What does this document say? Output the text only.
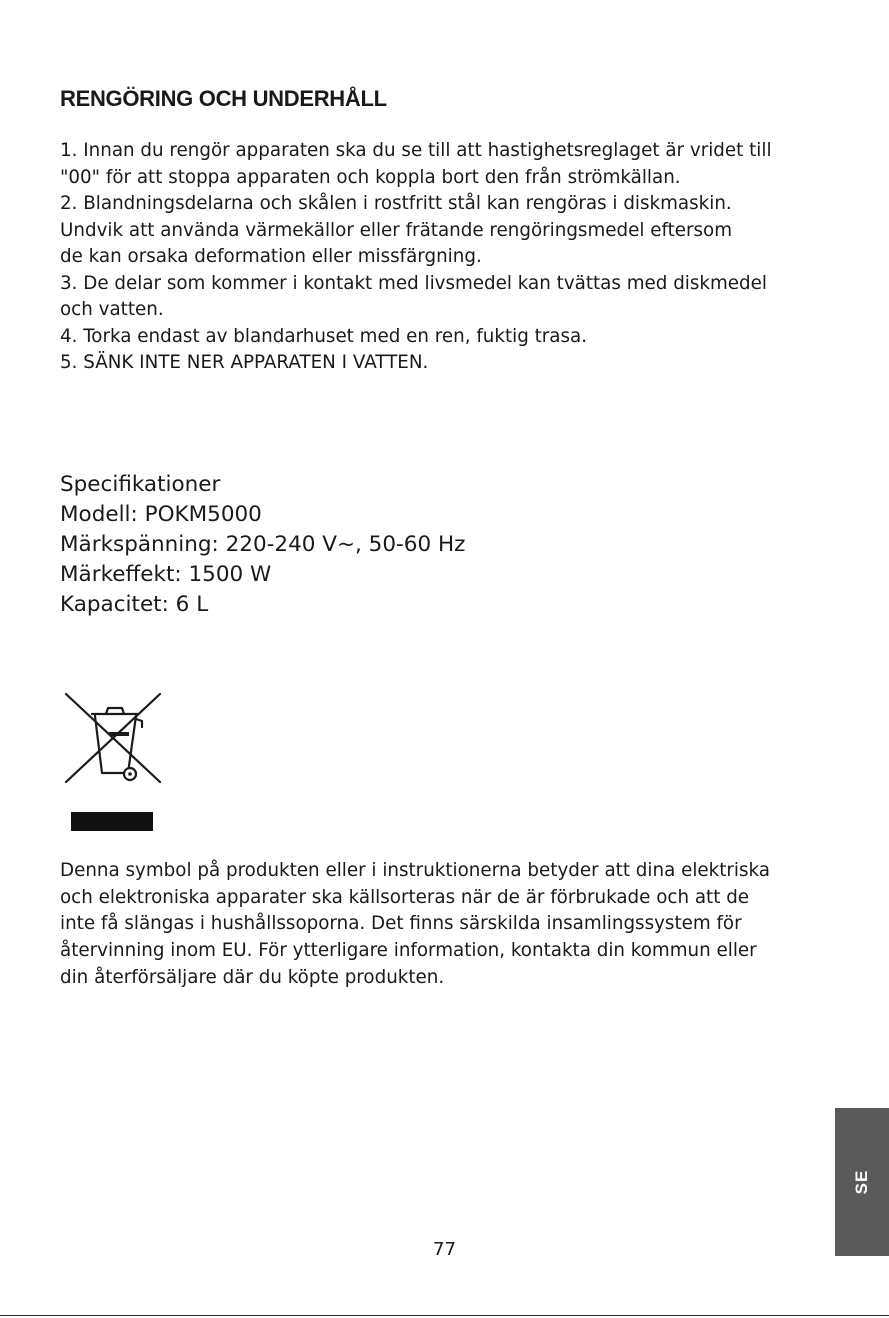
RENGÖRING OCH UNDERHÅLL
1. Innan du rengör apparaten ska du se till att hastighetsreglaget är vridet till
"00" för att stoppa apparaten och koppla bort den från strömkällan.
2. Blandningsdelarna och skålen i rostfritt stål kan rengöras i diskmaskin.
Undvik att använda värmekällor eller frätande rengöringsmedel eftersom
de kan orsaka deformation eller missfärgning.
3. De delar som kommer i kontakt med livsmedel kan tvättas med diskmedel
och vatten.
4. Torka endast av blandarhuset med en ren, fuktig trasa.
5. SÄNK INTE NER APPARATEN I VATTEN.
Specifikationer
Modell: POKM5000
Märkspänning: 220-240 V~, 50-60 Hz
Märkeffekt: 1500 W
Kapacitet: 6 L
Denna symbol på produkten eller i instruktionerna betyder att dina elektriska
och elektroniska apparater ska källsorteras när de är förbrukade och att de
inte få slängas i hushållssoporna. Det finns särskilda insamlingssystem för
återvinning inom EU. För ytterligare information, kontakta din kommun eller
din återförsäljare där du köpte produkten.
77
SE
